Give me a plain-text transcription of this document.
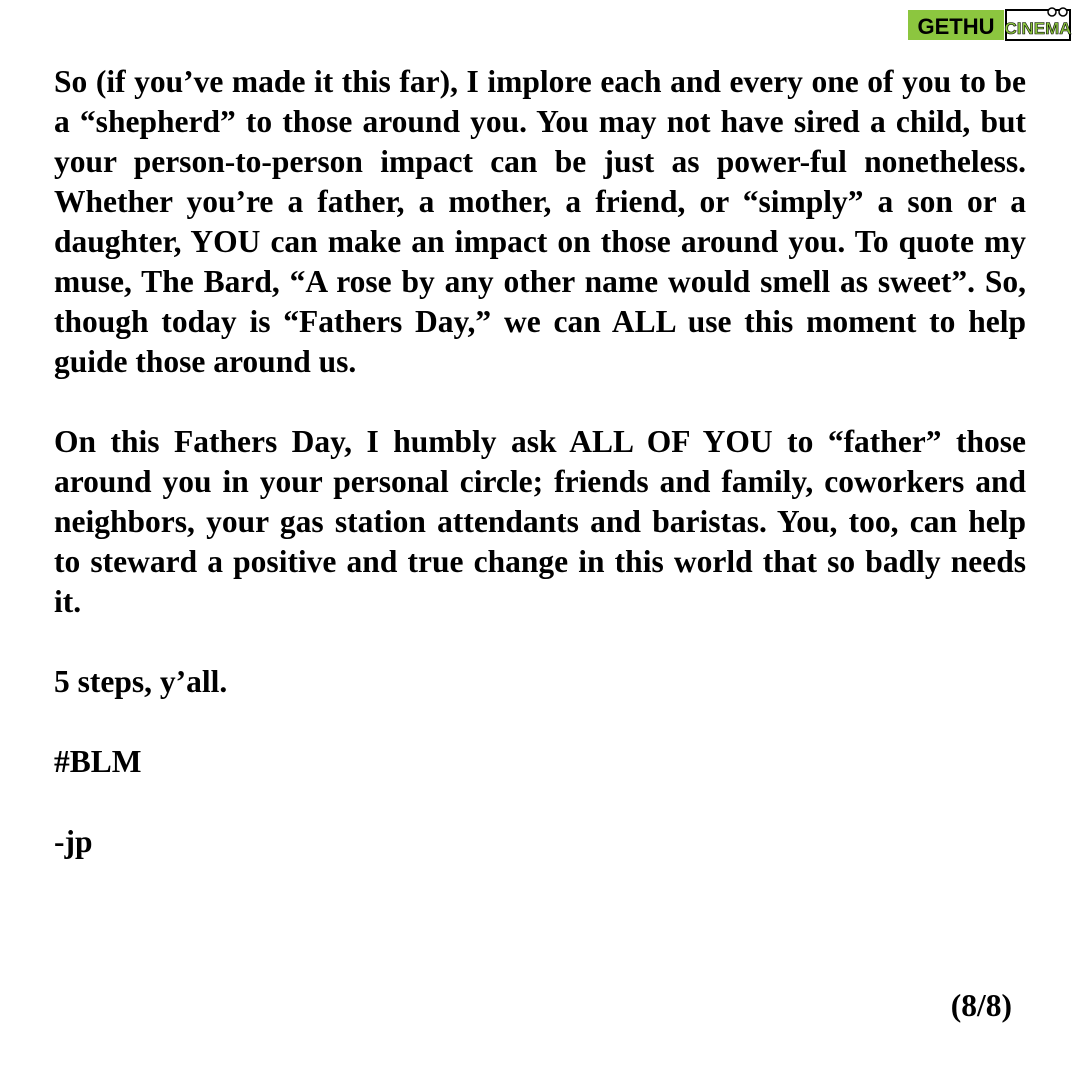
GETHU CINEMA

So (if you’ve made it this far), I implore each and every one of you to be a “shepherd” to those around you. You may not have sired a child, but your person-to-person impact can be just as power-ful nonetheless. Whether you’re a father, a mother, a friend, or “simply” a son or a daughter, YOU can make an impact on those around you. To quote my muse, The Bard, “A rose by any other name would smell as sweet”. So, though today is “Fathers Day,” we can ALL use this moment to help guide those around us.

On this Fathers Day, I humbly ask ALL OF YOU to “father” those around you in your personal circle; friends and family, coworkers and neighbors, your gas station attendants and baristas. You, too, can help to steward a positive and true change in this world that so badly needs it.

5 steps, y’all.

#BLM

-jp

(8/8)
